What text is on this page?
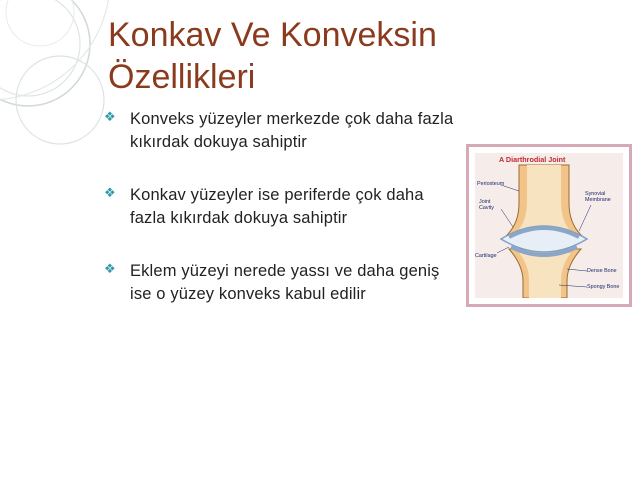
Konkav Ve Konveksin Özellikleri
❖ Konveks yüzeyler merkezde çok daha fazla kıkırdak dokuya sahiptir
❖ Konkav yüzeyler ise periferde çok daha fazla kıkırdak dokuya sahiptir
❖ Eklem yüzeyi nerede yassı ve daha geniş ise o yüzey konveks kabul edilir
A Diarthrodial Joint
Periosteum
Joint
Cavity
Synovial
Membrane
Cartilage
Dense Bone
Spongy Bone
